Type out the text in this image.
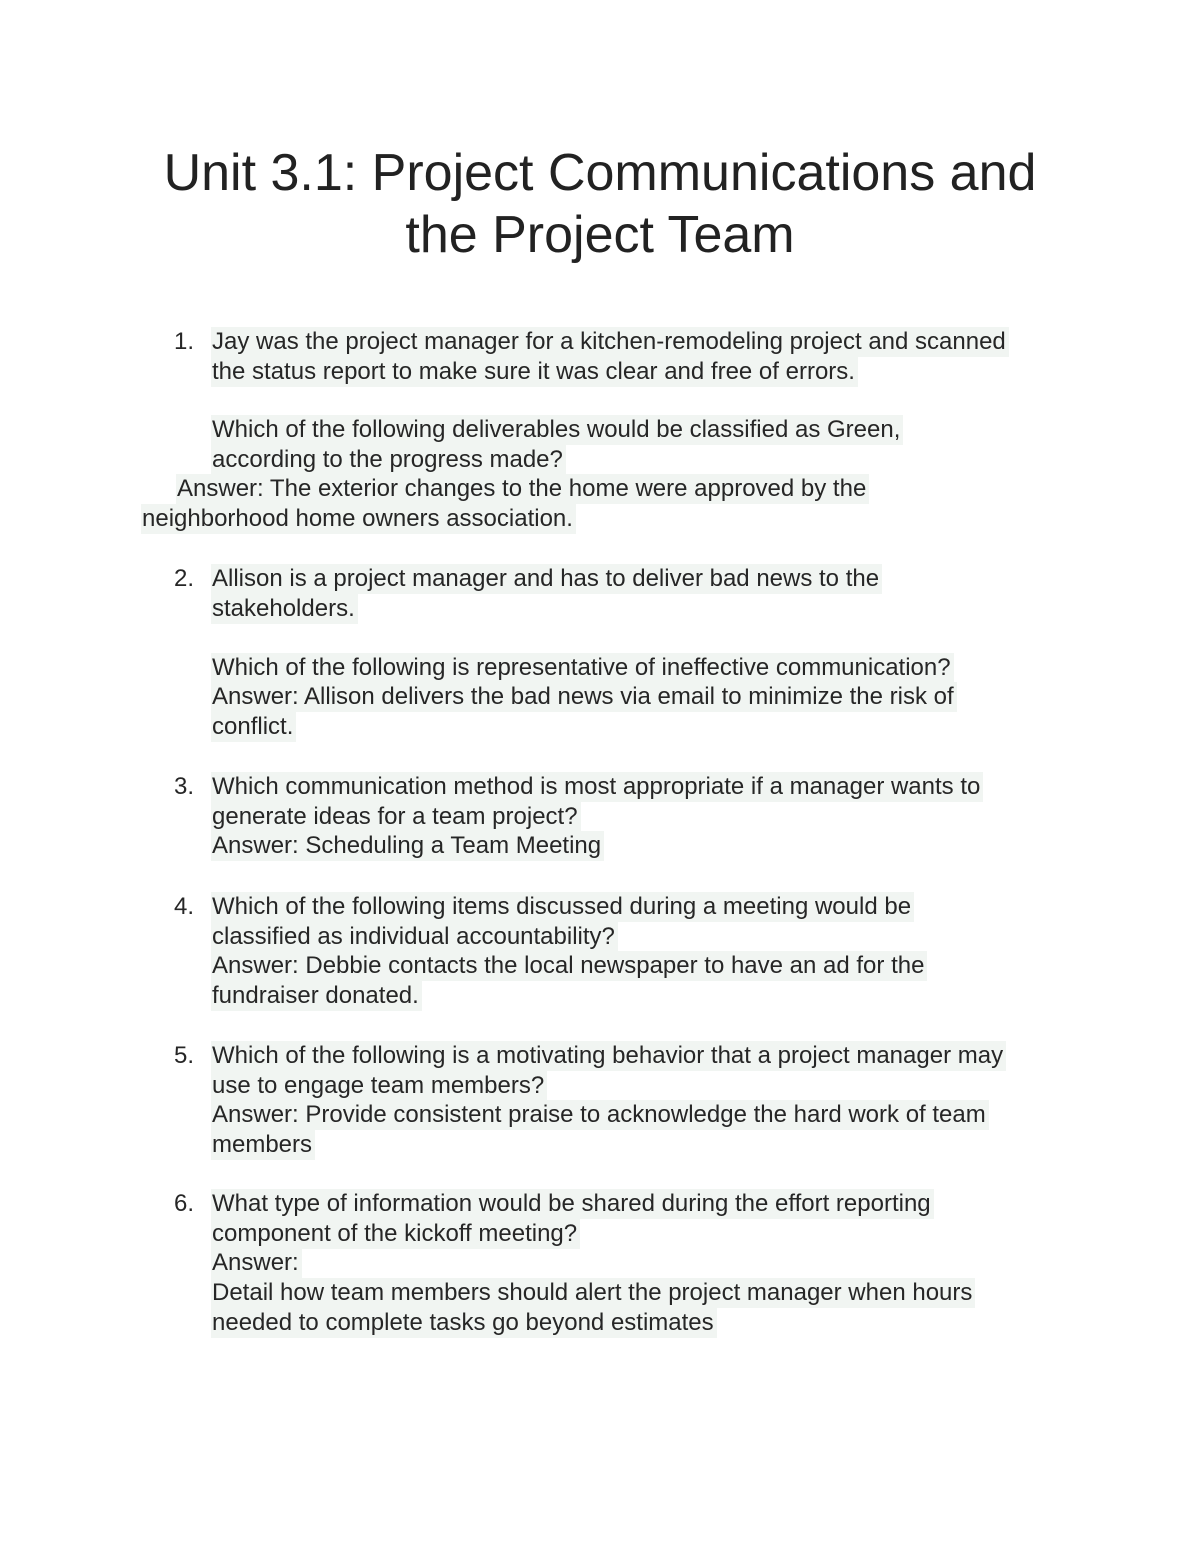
Unit 3.1: Project Communications and
the Project Team
1. Jay was the project manager for a kitchen-remodeling project and scanned
the status report to make sure it was clear and free of errors.
Which of the following deliverables would be classified as Green,
according to the progress made?
Answer: The exterior changes to the home were approved by the
neighborhood home owners association.
2. Allison is a project manager and has to deliver bad news to the
stakeholders.
Which of the following is representative of ineffective communication?
Answer: Allison delivers the bad news via email to minimize the risk of
conflict.
3. Which communication method is most appropriate if a manager wants to
generate ideas for a team project?
Answer: Scheduling a Team Meeting
4. Which of the following items discussed during a meeting would be
classified as individual accountability?
Answer: Debbie contacts the local newspaper to have an ad for the
fundraiser donated.
5. Which of the following is a motivating behavior that a project manager may
use to engage team members?
Answer: Provide consistent praise to acknowledge the hard work of team
members
6. What type of information would be shared during the effort reporting
component of the kickoff meeting?
Answer:
Detail how team members should alert the project manager when hours
needed to complete tasks go beyond estimates
